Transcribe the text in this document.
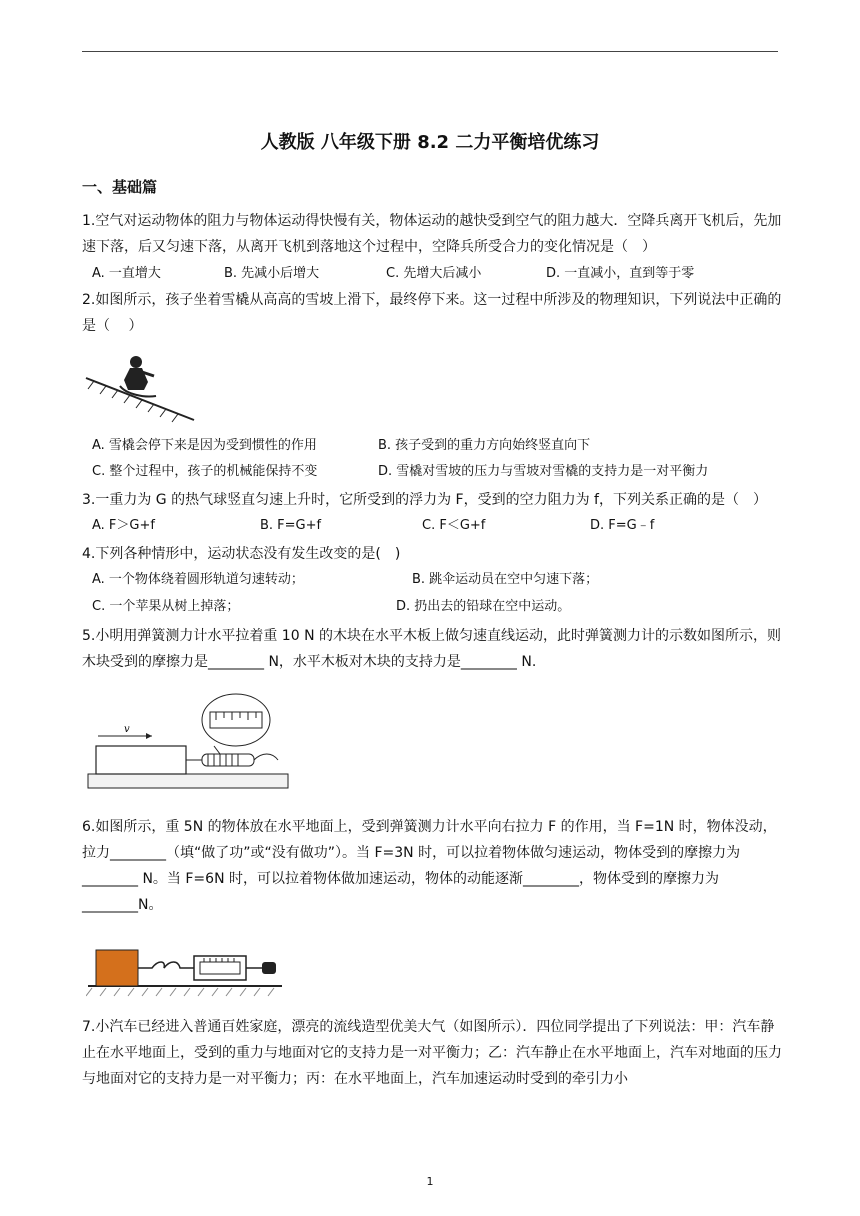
人教版 八年级下册 8.2 二力平衡培优练习
一、基础篇
1.空气对运动物体的阻力与物体运动得快慢有关，物体运动的越快受到空气的阻力越大．空降兵离开飞机后，先加速下落，后又匀速下落，从离开飞机到落地这个过程中，空降兵所受合力的变化情况是（　）
A. 一直增大	B. 先减小后增大	C. 先增大后减小	D. 一直减小，直到等于零
2.如图所示，孩子坐着雪橇从高高的雪坡上滑下，最终停下来。这一过程中所涉及的物理知识，下列说法中正确的是（　 ）
A. 雪橇会停下来是因为受到惯性的作用	B. 孩子受到的重力方向始终竖直向下
C. 整个过程中，孩子的机械能保持不变	D. 雪橇对雪坡的压力与雪坡对雪橇的支持力是一对平衡力
3.一重力为 G 的热气球竖直匀速上升时，它所受到的浮力为 F，受到的空力阻力为 f，下列关系正确的是（　）
A. F＞G+f	B. F=G+f	C. F＜G+f	D. F=G﹣f
4.下列各种情形中，运动状态没有发生改变的是(　)
A. 一个物体绕着圆形轨道匀速转动；	B. 跳伞运动员在空中匀速下落；
C. 一个苹果从树上掉落；	D. 扔出去的铅球在空中运动。
5.小明用弹簧测力计水平拉着重 10 N 的木块在水平木板上做匀速直线运动，此时弹簧测力计的示数如图所示，则木块受到的摩擦力是________ N，水平木板对木块的支持力是________ N.
v
6.如图所示，重 5N 的物体放在水平地面上，受到弹簧测力计水平向右拉力 F 的作用，当 F=1N 时，物体没动，拉力________（填“做了功”或“没有做功”）。当 F=3N 时，可以拉着物体做匀速运动，物体受到的摩擦力为________ N。当 F=6N 时，可以拉着物体做加速运动，物体的动能逐渐________，物体受到的摩擦力为________N。
7.小汽车已经进入普通百姓家庭，漂亮的流线造型优美大气（如图所示）．四位同学提出了下列说法：甲：汽车静止在水平地面上，受到的重力与地面对它的支持力是一对平衡力；乙：汽车静止在水平地面上，汽车对地面的压力与地面对它的支持力是一对平衡力；丙：在水平地面上，汽车加速运动时受到的牵引力小
1
